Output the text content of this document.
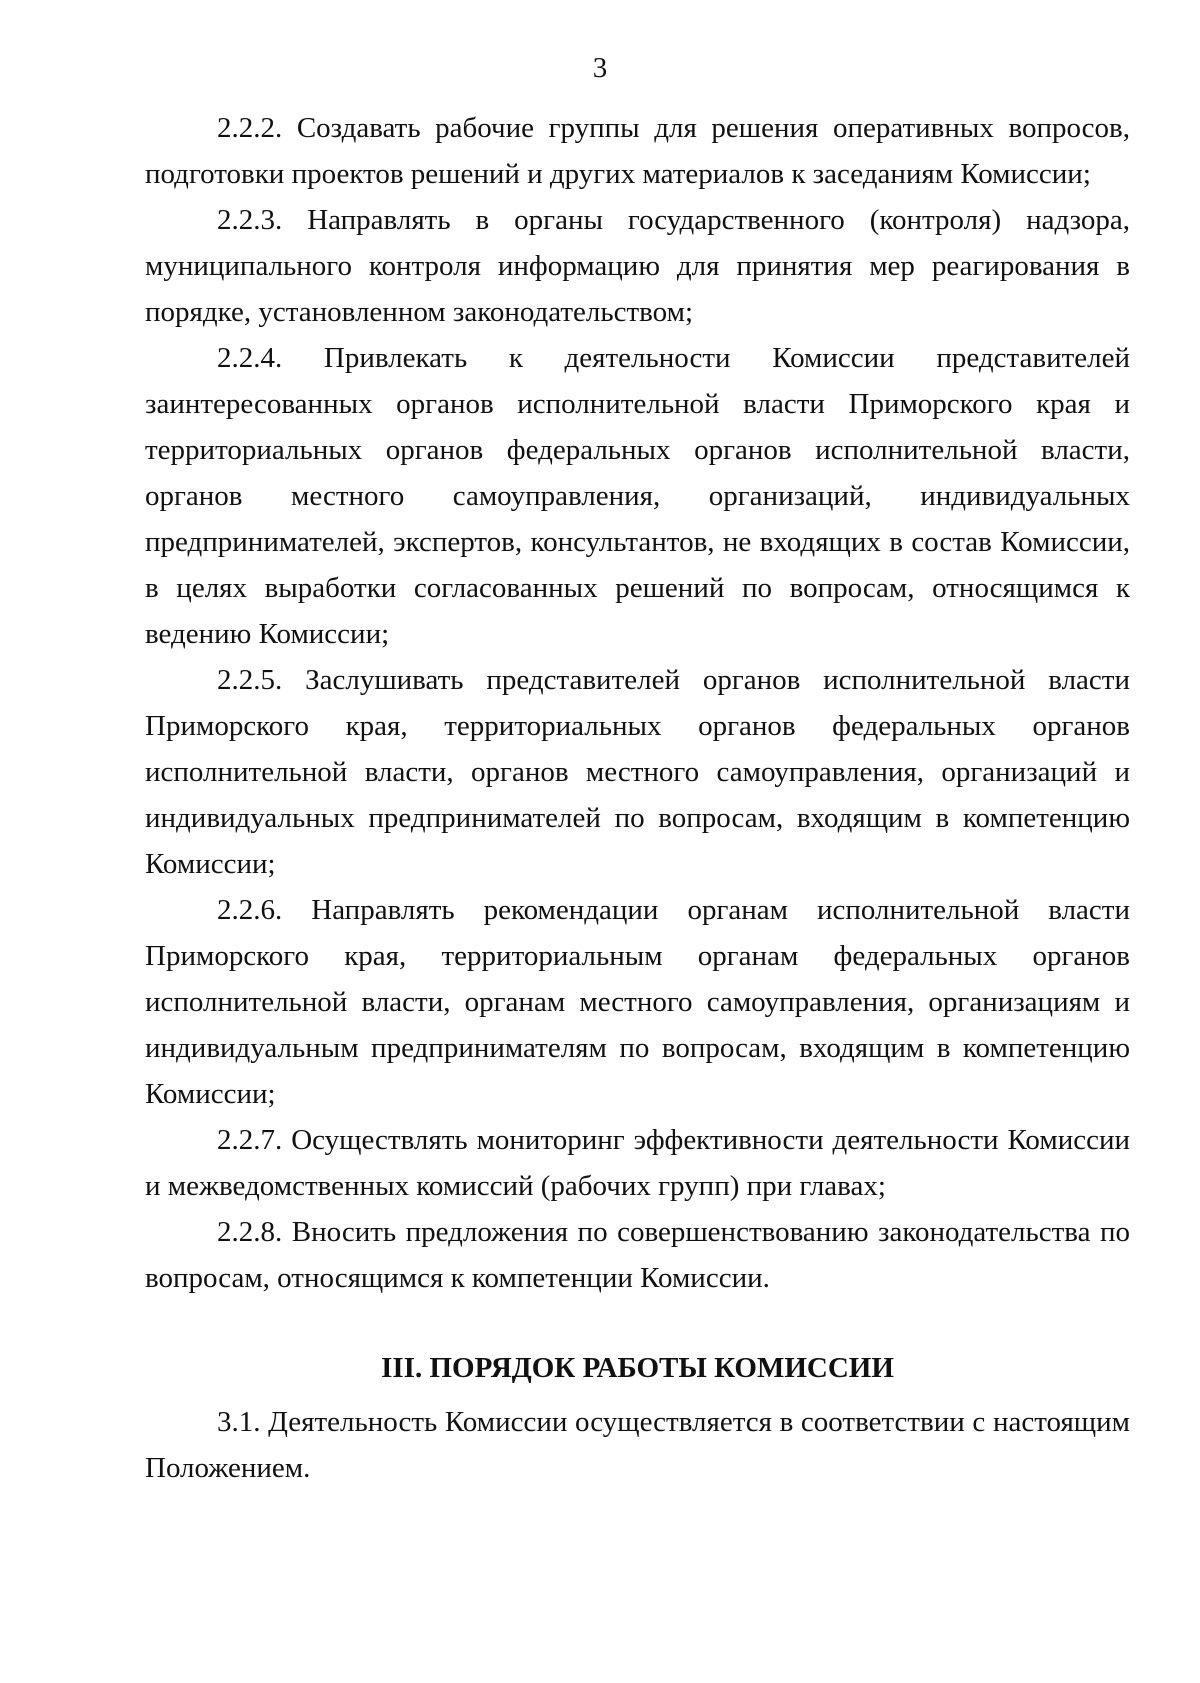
3

2.2.2. Создавать рабочие группы для решения оперативных вопросов, подготовки проектов решений и других материалов к заседаниям Комиссии;

2.2.3. Направлять в органы государственного (контроля) надзора, муниципального контроля информацию для принятия мер реагирования в порядке, установленном законодательством;

2.2.4. Привлекать к деятельности Комиссии представителей заинтересованных органов исполнительной власти Приморского края и территориальных органов федеральных органов исполнительной власти, органов местного самоуправления, организаций, индивидуальных предпринимателей, экспертов, консультантов, не входящих в состав Комиссии, в целях выработки согласованных решений по вопросам, относящимся к ведению Комиссии;

2.2.5. Заслушивать представителей органов исполнительной власти Приморского края, территориальных органов федеральных органов исполнительной власти, органов местного самоуправления, организаций и индивидуальных предпринимателей по вопросам, входящим в компетенцию Комиссии;

2.2.6. Направлять рекомендации органам исполнительной власти Приморского края, территориальным органам федеральных органов исполнительной власти, органам местного самоуправления, организациям и индивидуальным предпринимателям по вопросам, входящим в компетенцию Комиссии;

2.2.7. Осуществлять мониторинг эффективности деятельности Комиссии и межведомственных комиссий (рабочих групп) при главах;

2.2.8. Вносить предложения по совершенствованию законодательства по вопросам, относящимся к компетенции Комиссии.

III. ПОРЯДОК РАБОТЫ КОМИССИИ

3.1. Деятельность Комиссии осуществляется в соответствии с настоящим Положением.
